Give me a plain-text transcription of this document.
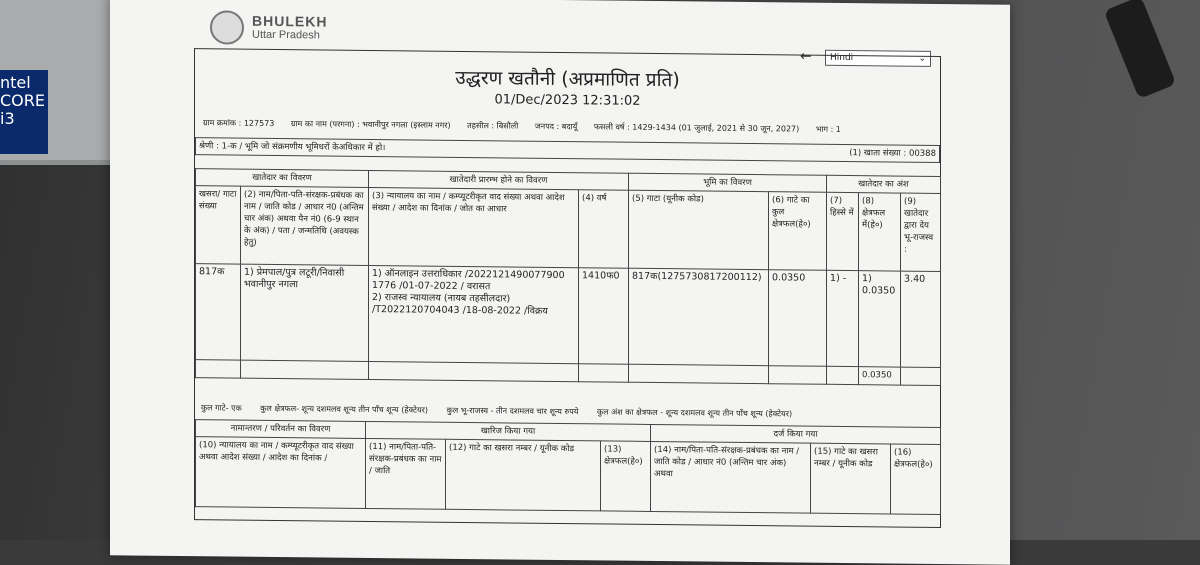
ntel
CORE
i3
BHULEKH
Uttar Pradesh
←	Hindi	⌄
उद्धरण खतौनी (अप्रमाणित प्रति)
01/Dec/2023 12:31:02
ग्राम क्रमांक : 127573 ग्राम का नाम (परगना) : भवानीपुर नगला (इस्लाम नगर) तहसील : बिसौली जनपद : बदायूँ फसली वर्ष : 1429-1434 (01 जुलाई, 2021 से 30 जून, 2027) भाग : 1
श्रेणी : 1-क / भूमि जो संक्रमणीय भूमिधरों केअधिकार में हो।
(1) खाता संख्या : 00388
खातेदार का विवरण		खातेदारी प्रारम्भ होने का विवरण		भूमि का विवरण		खातेदार का अंश		
खसरा/ गाटा संख्या	(2) नाम/पिता-पति-संरक्षक-प्रबंधक का नाम / जाति कोड / आधार नं0 (अन्तिम चार अंक) अथवा पैन नं0 (6-9 स्थान के अंक) / पता / जन्मतिथि (अवयस्क हेतु)	(3) न्यायालय का नाम / कम्प्यूटरीकृत वाद संख्या अथवा आदेश संख्या / आदेश का दिनांक / जोत का आधार	(4) वर्ष	(5) गाटा (यूनीक कोड)	(6) गाटे का कुल क्षेत्रफल(हे०)	(7) हिस्से में	(8) क्षेत्रफल में(हे०)	(9) खातेदार द्वारा देय भू-राजस्व :
817क	1) प्रेमपाल/पुत्र लटूरी/निवासी भवानीपुर नगला	1) ऑनलाइन उत्तराधिकार /2022121490077900 1776 /01-07-2022 / वरासत
2) राजस्व न्यायालय (नायब तहसीलदार) /T2022120704043 /18-08-2022 /विक्रय	1410फ0	817क(1275730817200112)	0.0350	1) -	1) 0.0350	3.40
							0.0350	
कुल गाटे- एक कुल क्षेत्रफल- शून्य दशमलव शून्य तीन पाँच शून्य (हेक्टेयर) कुल भू-राजस्व - तीन दशमलव चार शून्य रुपये कुल अंश का क्षेत्रफल - शून्य दशमलव शून्य तीन पाँच शून्य (हेक्टेयर)
नामान्तरण / परिवर्तन का विवरण	खारिज किया गया			दर्ज किया गया		
(10) न्यायालय का नाम / कम्प्यूटरीकृत वाद संख्या अथवा आदेश संख्या / आदेश का दिनांक /	(11) नाम/पिता-पति-संरक्षक-प्रबंधक का नाम / जाति	(12) गाटे का खसरा नम्बर / यूनीक कोड	(13) क्षेत्रफल(हे०)	(14) नाम/पिता-पति-संरक्षक-प्रबंधक का नाम / जाति कोड / आधार नं0 (अन्तिम चार अंक) अथवा	(15) गाटे का खसरा नम्बर / यूनीक कोड	(16) क्षेत्रफल(हे०)
